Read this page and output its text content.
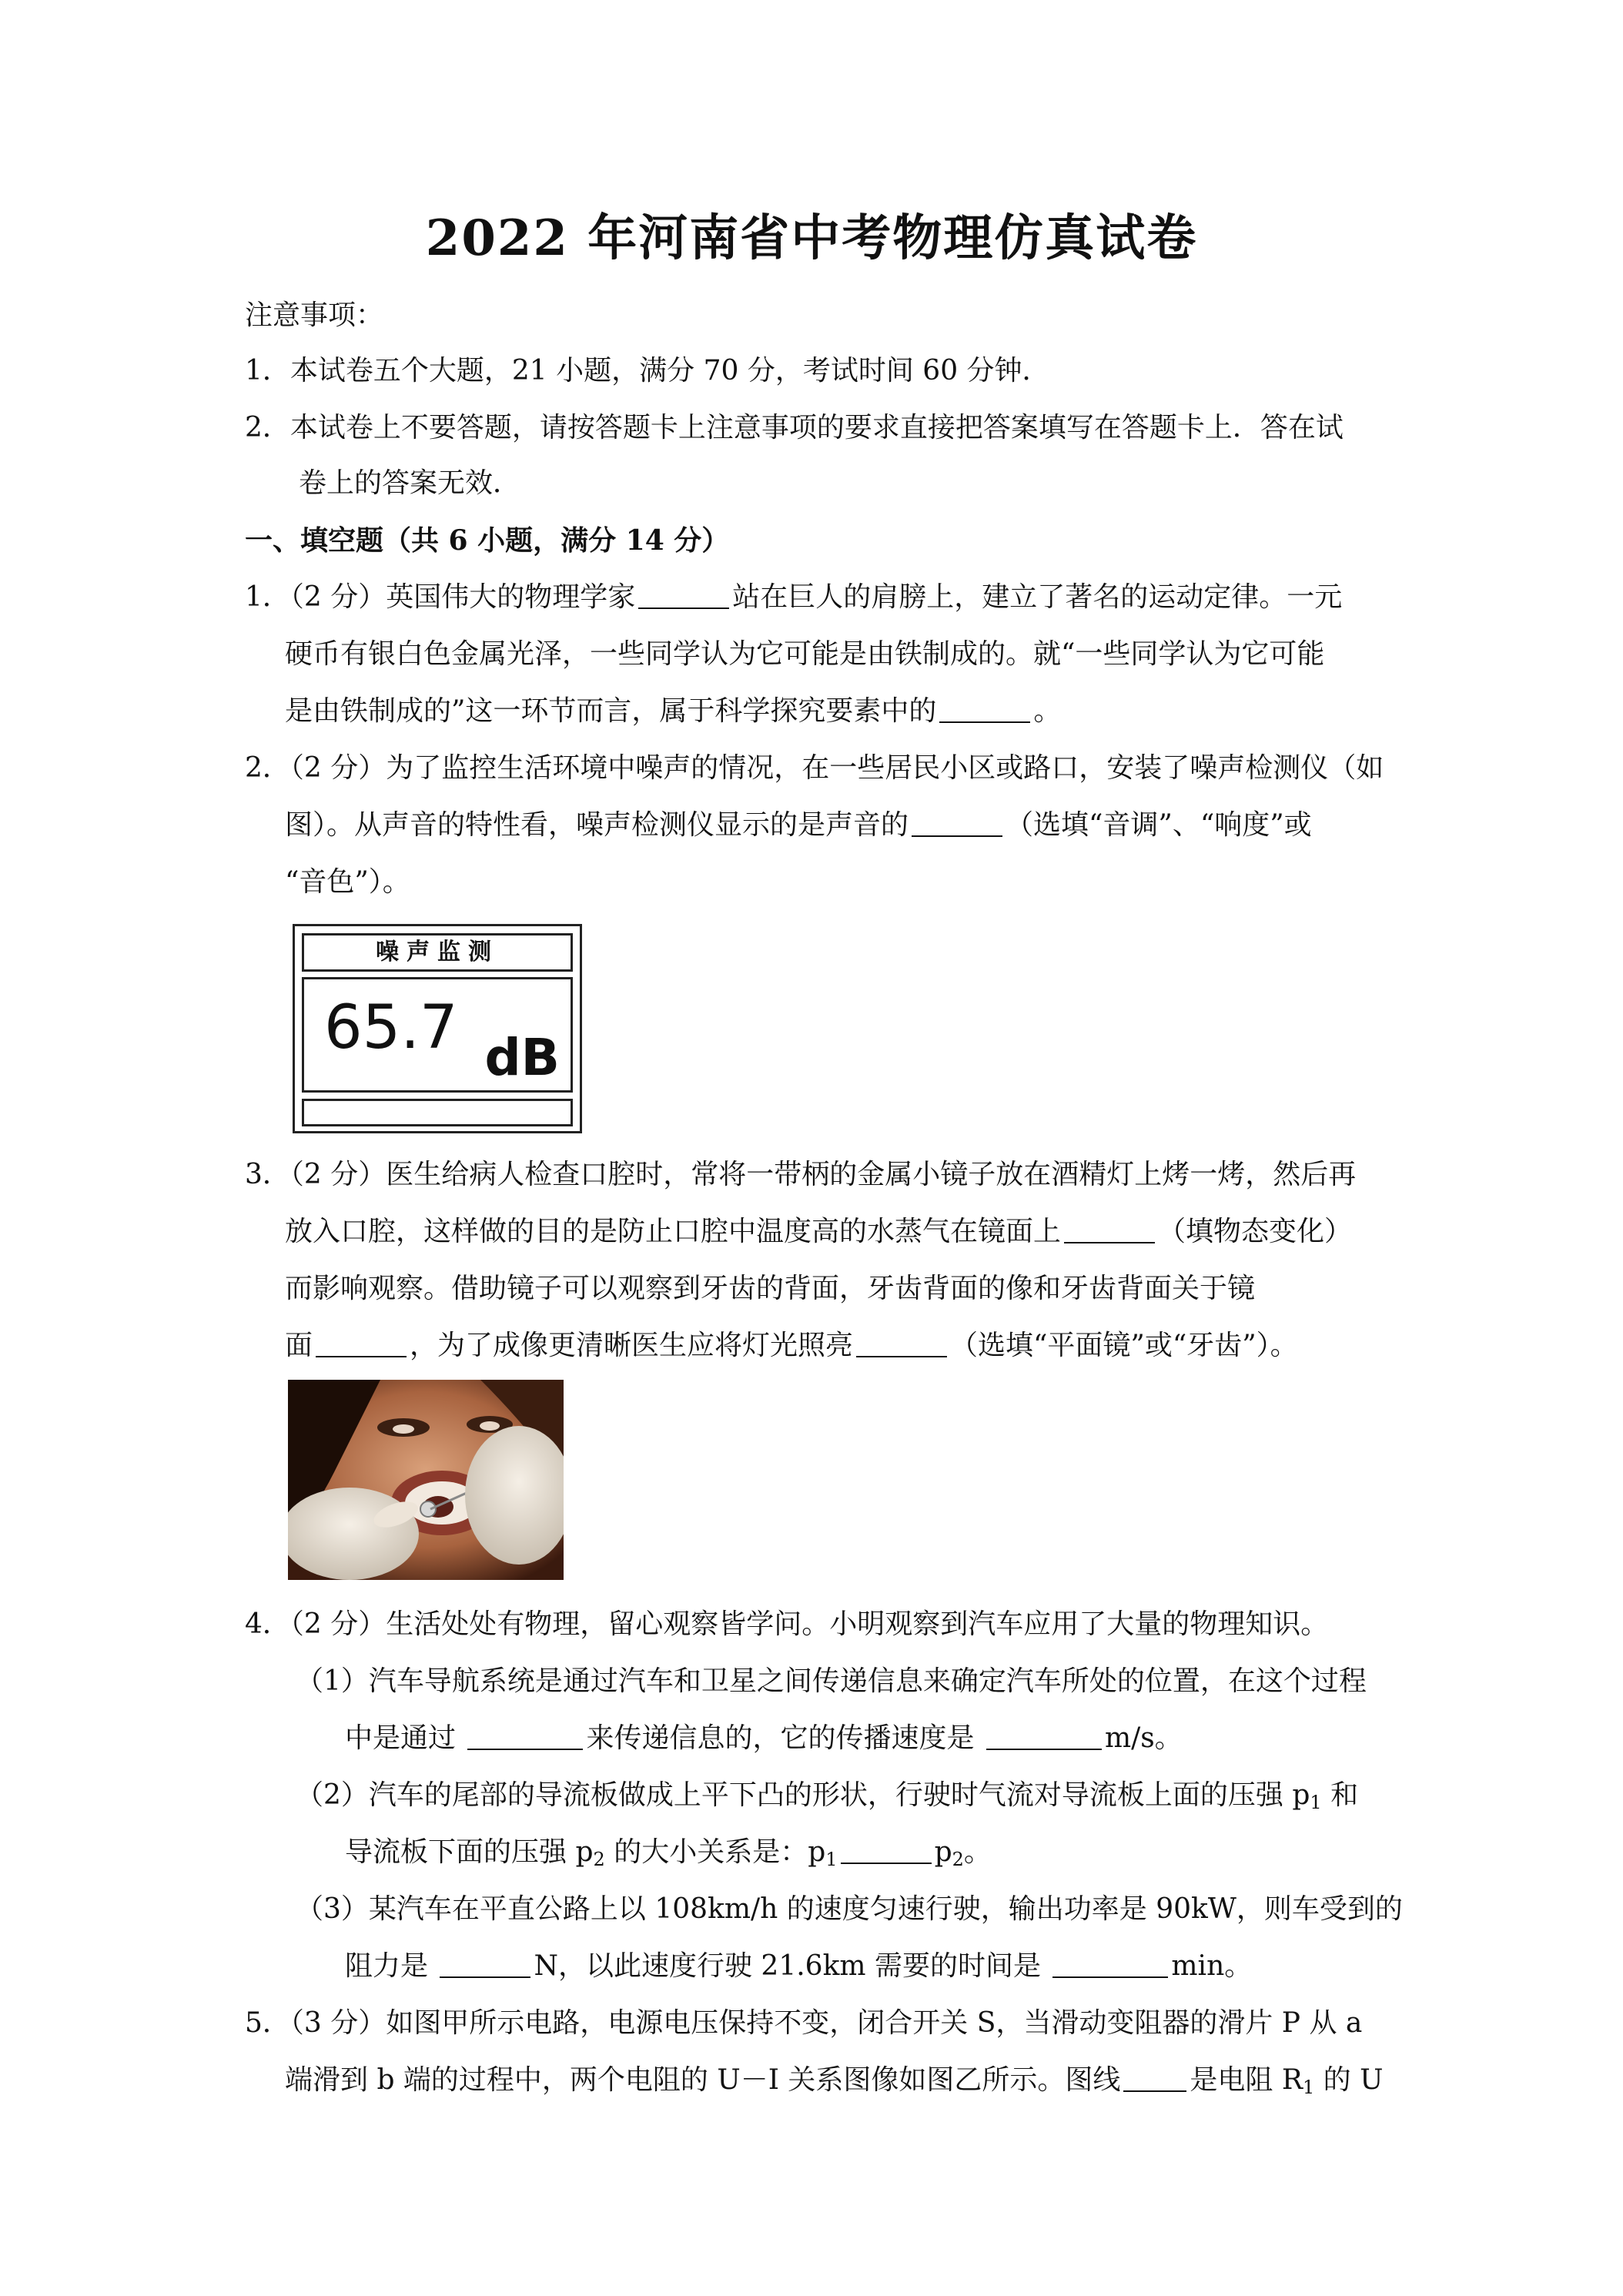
2022 年河南省中考物理仿真试卷
注意事项：
1．本试卷五个大题，21 小题，满分 70 分，考试时间 60 分钟．
2．本试卷上不要答题，请按答题卡上注意事项的要求直接把答案填写在答题卡上．答在试
卷上的答案无效．
一、填空题（共 6 小题，满分 14 分）
1．（2 分）英国伟大的物理学家	站在巨人的肩膀上，建立了著名的运动定律。一元
硬币有银白色金属光泽，一些同学认为它可能是由铁制成的。就“一些同学认为它可能
是由铁制成的”这一环节而言，属于科学探究要素中的	。
2．（2 分）为了监控生活环境中噪声的情况，在一些居民小区或路口，安装了噪声检测仪（如
图）。从声音的特性看，噪声检测仪显示的是声音的	（选填“音调”、“响度”或
“音色”）。
噪声监测
65.7 dB
3．（2 分）医生给病人检查口腔时，常将一带柄的金属小镜子放在酒精灯上烤一烤，然后再
放入口腔，这样做的目的是防止口腔中温度高的水蒸气在镜面上	（填物态变化）
而影响观察。借助镜子可以观察到牙齿的背面，牙齿背面的像和牙齿背面关于镜
面	，为了成像更清晰医生应将灯光照亮	（选填“平面镜”或“牙齿”）。
4．（2 分）生活处处有物理，留心观察皆学问。小明观察到汽车应用了大量的物理知识。
（1）汽车导航系统是通过汽车和卫星之间传递信息来确定汽车所处的位置，在这个过程
中是通过	来传递信息的，它的传播速度是	m/s。
（2）汽车的尾部的导流板做成上平下凸的形状，行驶时气流对导流板上面的压强 $p_1$ 和
导流板下面的压强 $p_2$ 的大小关系是：$p_1$	$p_2$。
（3）某汽车在平直公路上以 108km/h 的速度匀速行驶，输出功率是 90kW，则车受到的
阻力是	N，以此速度行驶 21.6km 需要的时间是	min。
5．（3 分）如图甲所示电路，电源电压保持不变，闭合开关 S，当滑动变阻器的滑片 P 从 a
端滑到 b 端的过程中，两个电阻的 U－I 关系图像如图乙所示。图线	是电阻 $R_1$ 的 U
